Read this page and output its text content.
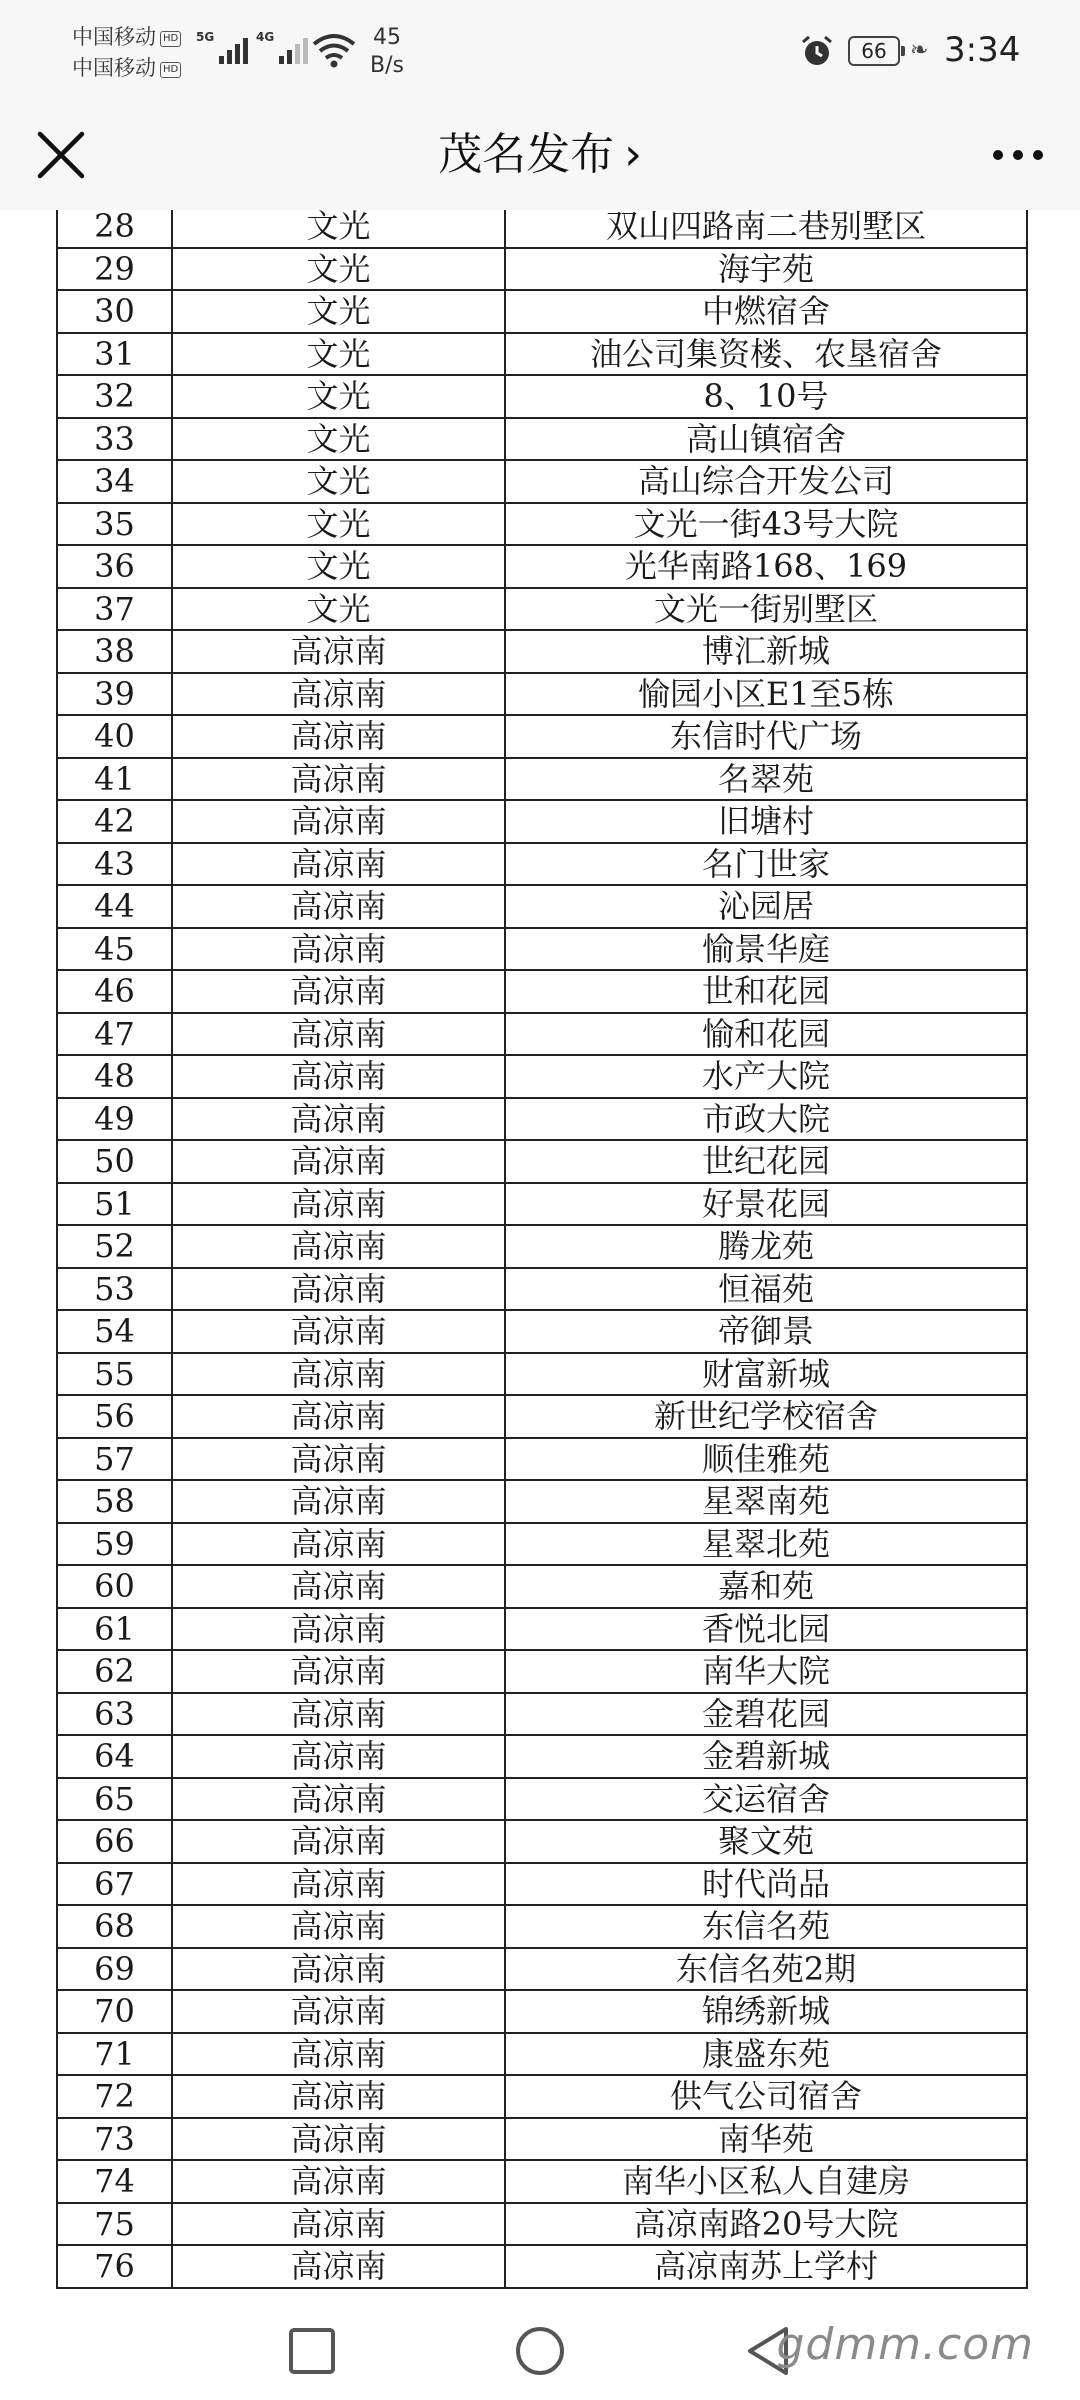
中国移动 HD
中国移动 HD
5G	4G	45
B/s
66	❧ 3:34
茂名发布 ›
28	文光	双山四路南二巷别墅区
29	文光	海宇苑
30	文光	中燃宿舍
31	文光	油公司集资楼、农垦宿舍
32	文光	8、10号
33	文光	高山镇宿舍
34	文光	高山综合开发公司
35	文光	文光一街43号大院
36	文光	光华南路168、169
37	文光	文光一街别墅区
38	高凉南	博汇新城
39	高凉南	愉园小区E1至5栋
40	高凉南	东信时代广场
41	高凉南	名翠苑
42	高凉南	旧塘村
43	高凉南	名门世家
44	高凉南	沁园居
45	高凉南	愉景华庭
46	高凉南	世和花园
47	高凉南	愉和花园
48	高凉南	水产大院
49	高凉南	市政大院
50	高凉南	世纪花园
51	高凉南	好景花园
52	高凉南	腾龙苑
53	高凉南	恒福苑
54	高凉南	帝御景
55	高凉南	财富新城
56	高凉南	新世纪学校宿舍
57	高凉南	顺佳雅苑
58	高凉南	星翠南苑
59	高凉南	星翠北苑
60	高凉南	嘉和苑
61	高凉南	香悦北园
62	高凉南	南华大院
63	高凉南	金碧花园
64	高凉南	金碧新城
65	高凉南	交运宿舍
66	高凉南	聚文苑
67	高凉南	时代尚品
68	高凉南	东信名苑
69	高凉南	东信名苑2期
70	高凉南	锦绣新城
71	高凉南	康盛东苑
72	高凉南	供气公司宿舍
73	高凉南	南华苑
74	高凉南	南华小区私人自建房
75	高凉南	高凉南路20号大院
76	高凉南	高凉南苏上学村
gdmm.com
